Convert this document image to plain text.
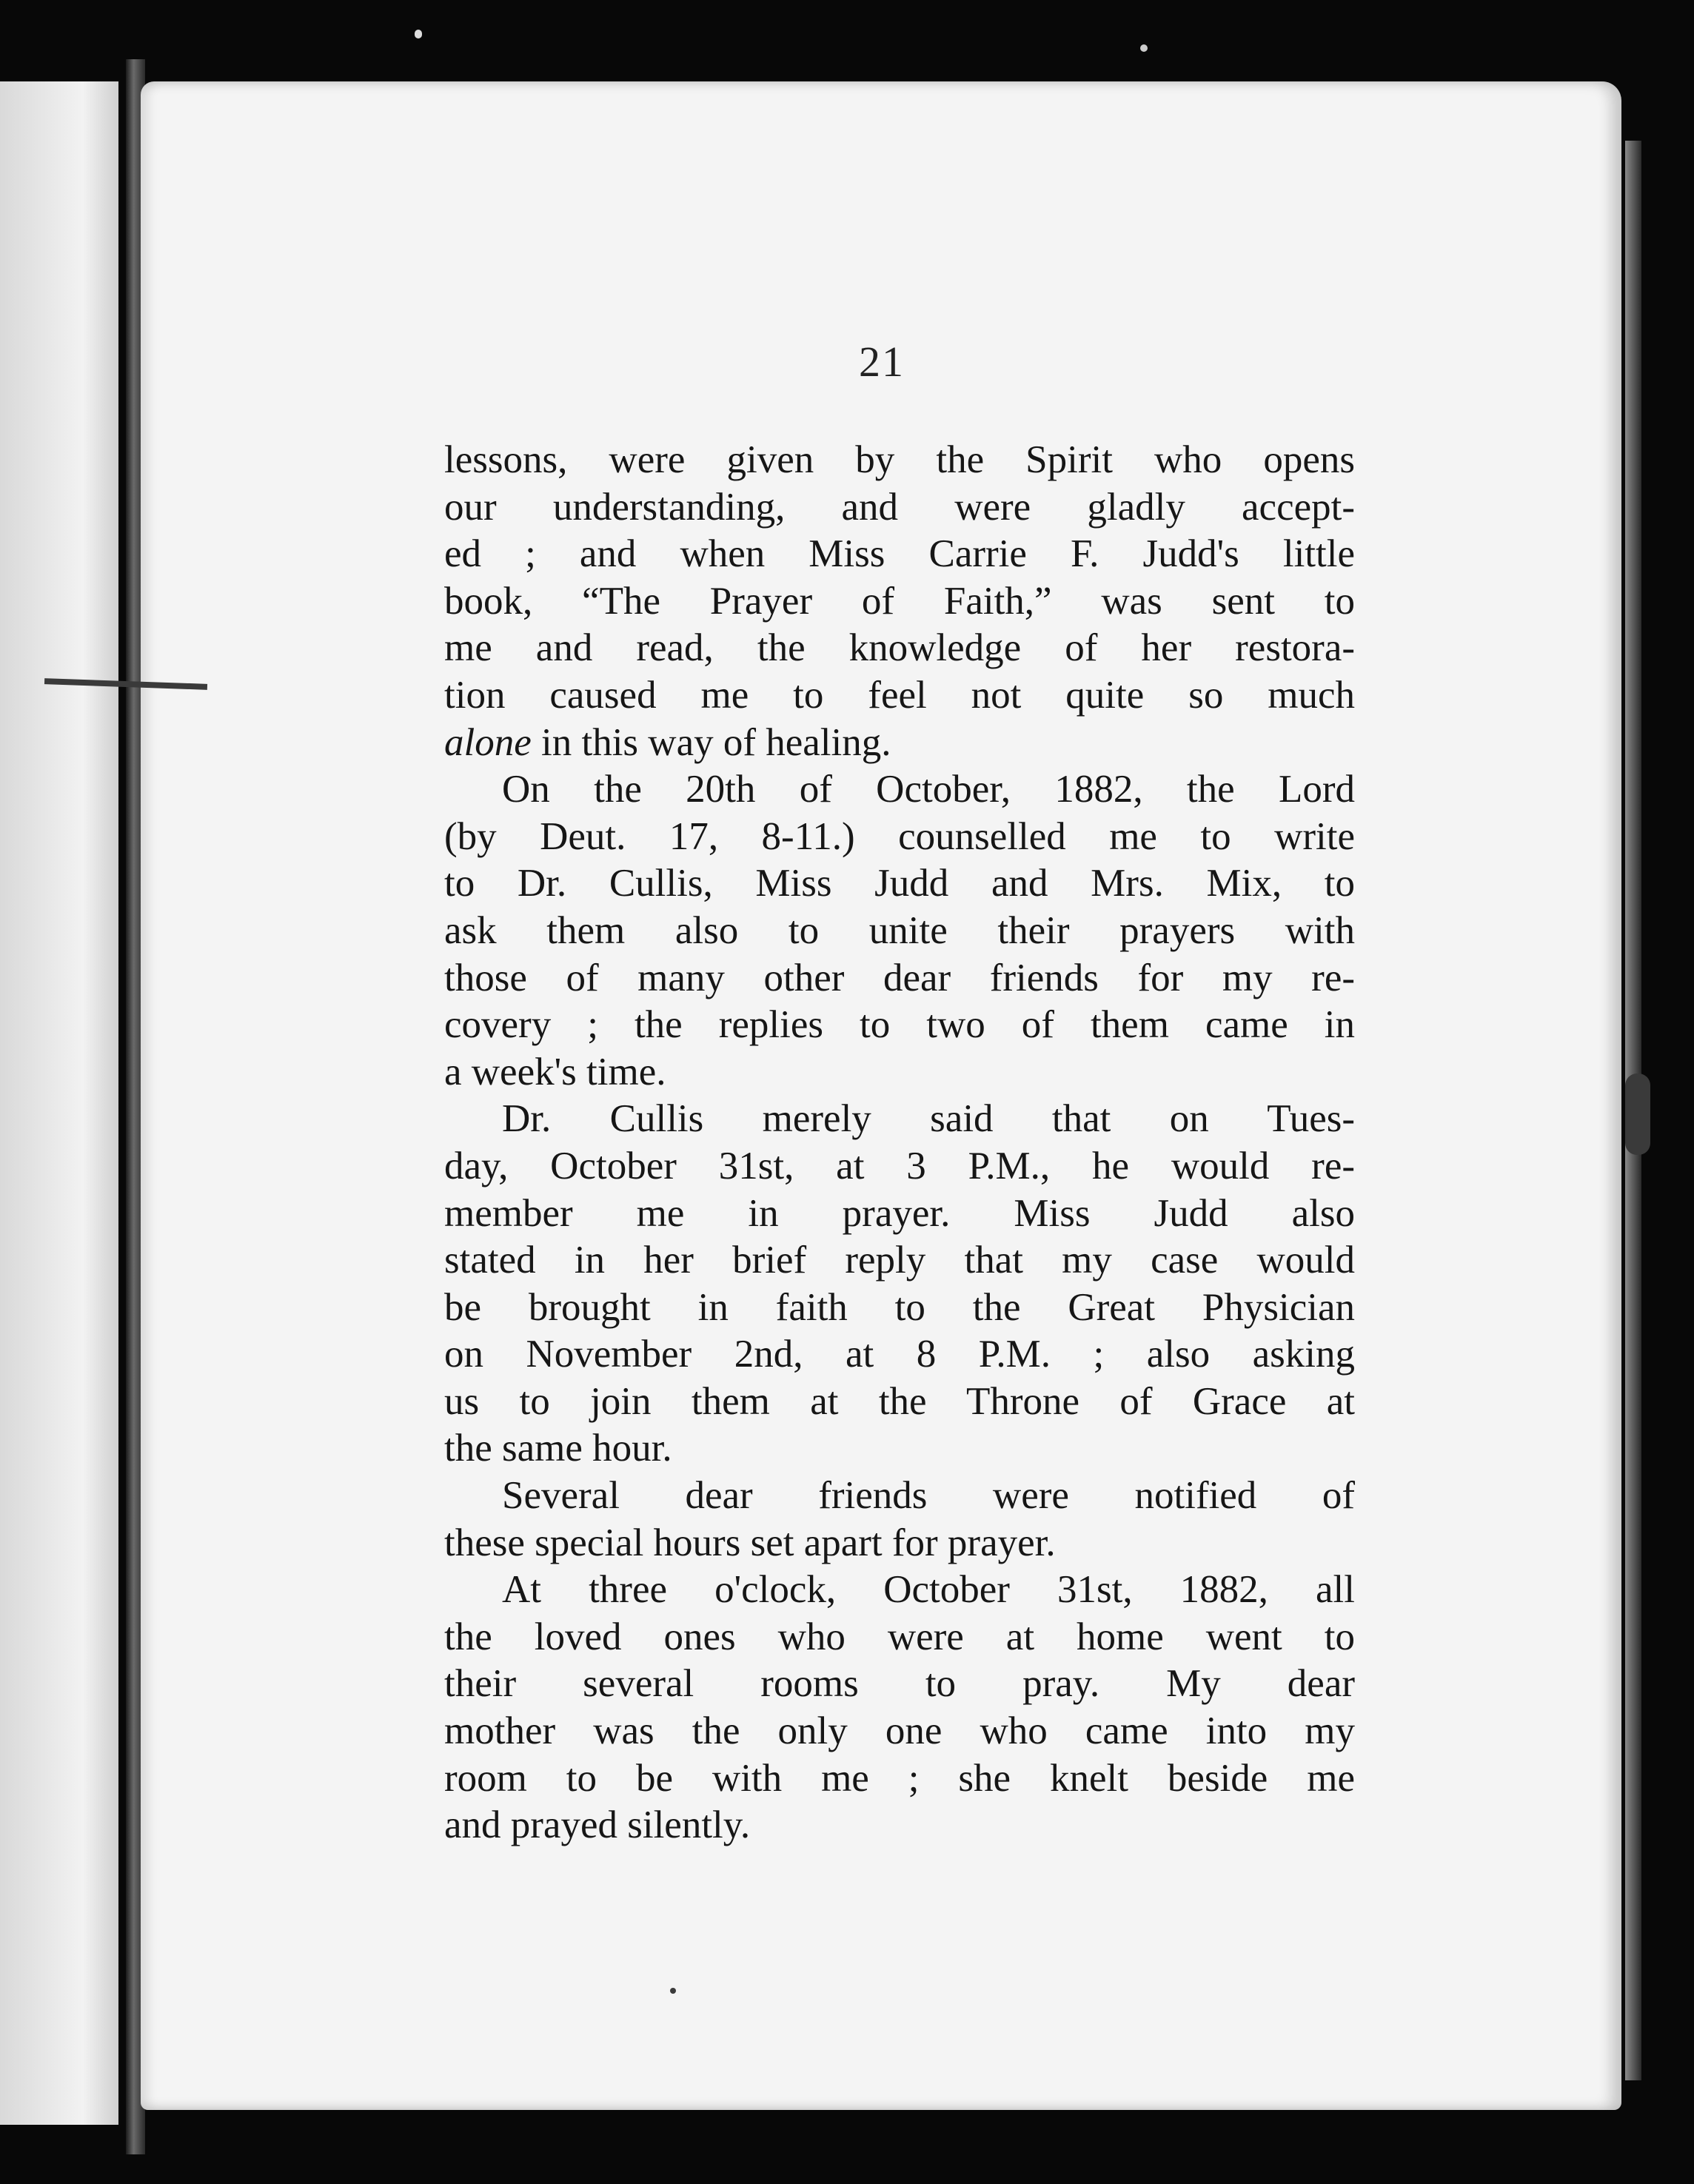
21
lessons, were given by the Spirit who opens
our understanding, and were gladly accept-
ed ; and when Miss Carrie F. Judd's little
book, “The Prayer of Faith,” was sent to
me and read, the knowledge of her restora-
tion caused me to feel not quite so much
alone in this way of healing.
On the 20th of October, 1882, the Lord
(by Deut. 17, 8-11.) counselled me to write
to Dr. Cullis, Miss Judd and Mrs. Mix, to
ask them also to unite their prayers with
those of many other dear friends for my re-
covery ; the replies to two of them came in
a week's time.
Dr. Cullis merely said that on Tues-
day, October 31st, at 3 P.M., he would re-
member me in prayer. Miss Judd also
stated in her brief reply that my case would
be brought in faith to the Great Physician
on November 2nd, at 8 P.M. ; also asking
us to join them at the Throne of Grace at
the same hour.
Several dear friends were notified of
these special hours set apart for prayer.
At three o'clock, October 31st, 1882, all
the loved ones who were at home went to
their several rooms to pray. My dear
mother was the only one who came into my
room to be with me ; she knelt beside me
and prayed silently.
